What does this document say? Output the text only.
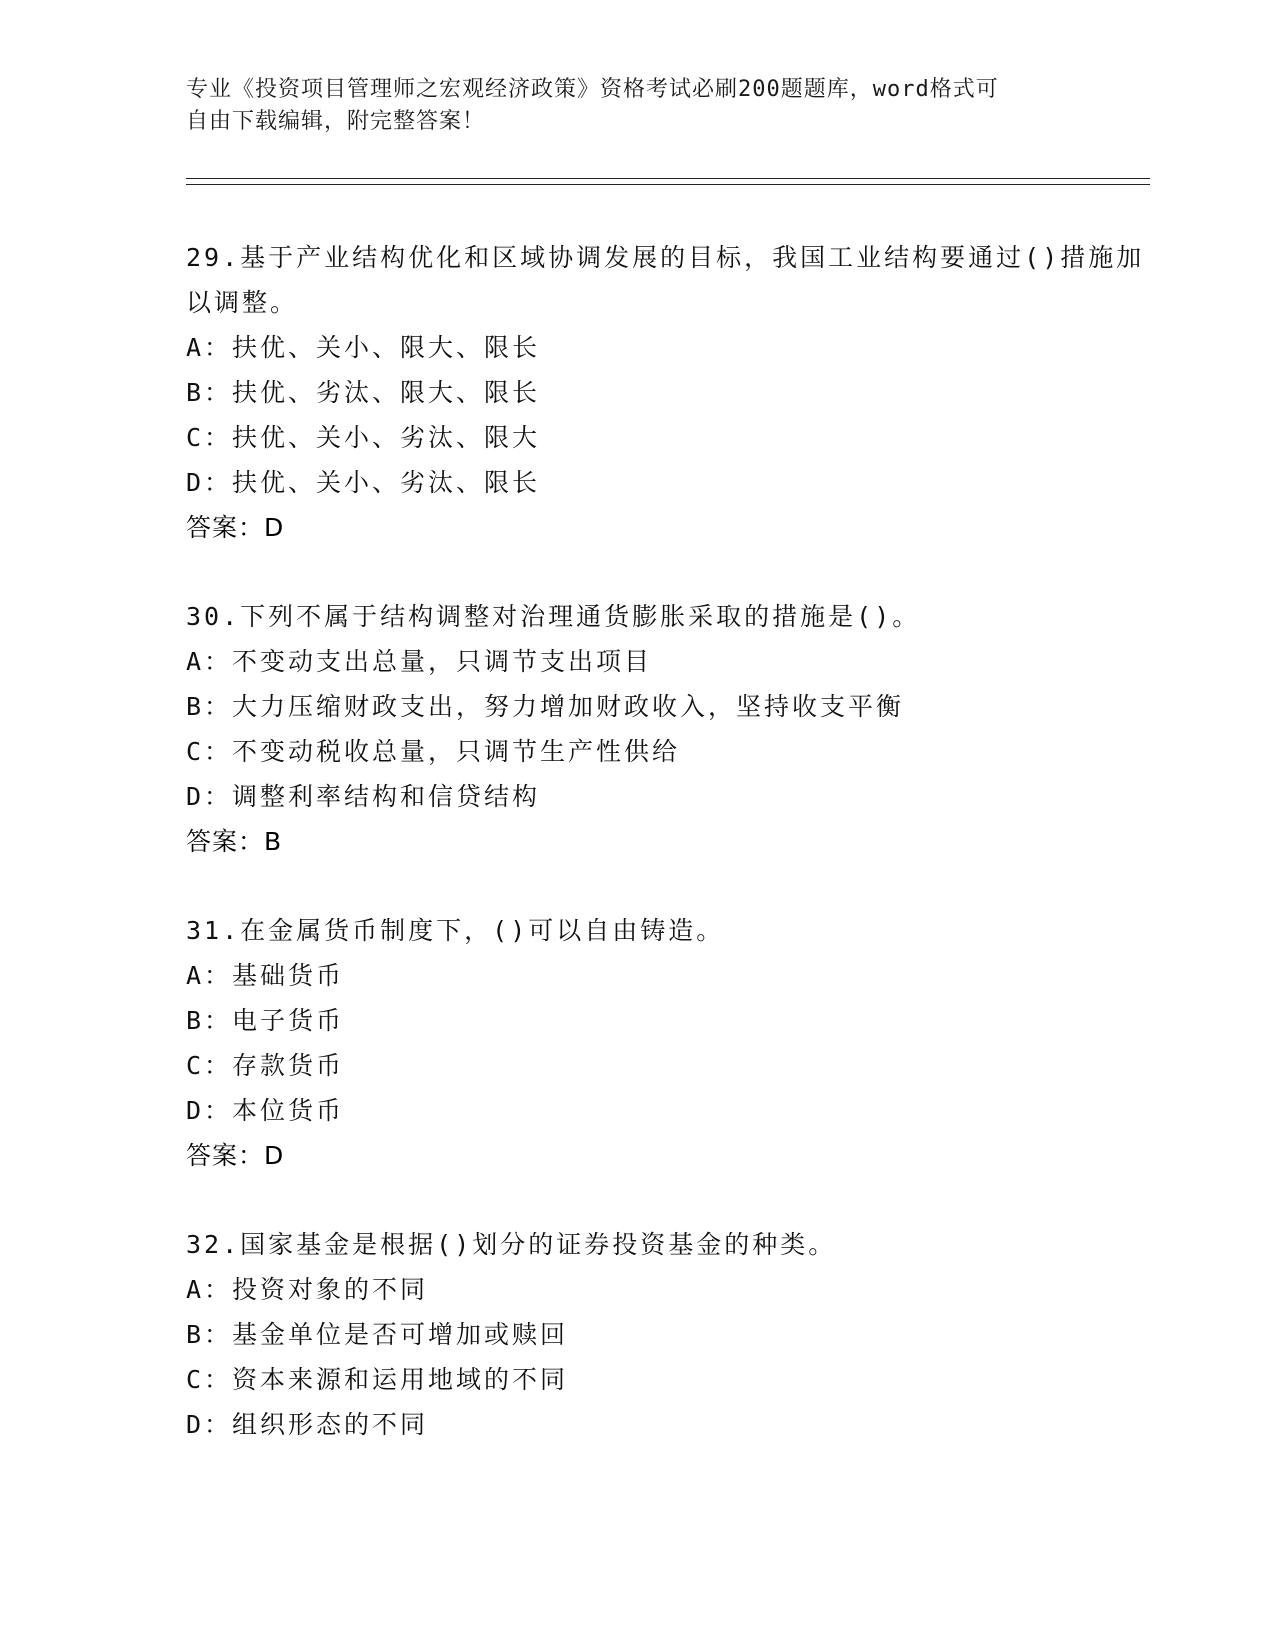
专业《投资项目管理师之宏观经济政策》资格考试必刷200题题库，word格式可
自由下载编辑，附完整答案！

29.基于产业结构优化和区域协调发展的目标，我国工业结构要通过()措施加以调整。

A：扶优、关小、限大、限长

B：扶优、劣汰、限大、限长

C：扶优、关小、劣汰、限大

D：扶优、关小、劣汰、限长

答案：D

30.下列不属于结构调整对治理通货膨胀采取的措施是()。

A：不变动支出总量，只调节支出项目

B：大力压缩财政支出，努力增加财政收入，坚持收支平衡

C：不变动税收总量，只调节生产性供给

D：调整利率结构和信贷结构

答案：B

31.在金属货币制度下，()可以自由铸造。

A：基础货币

B：电子货币

C：存款货币

D：本位货币

答案：D

32.国家基金是根据()划分的证券投资基金的种类。

A：投资对象的不同

B：基金单位是否可增加或赎回

C：资本来源和运用地域的不同

D：组织形态的不同
